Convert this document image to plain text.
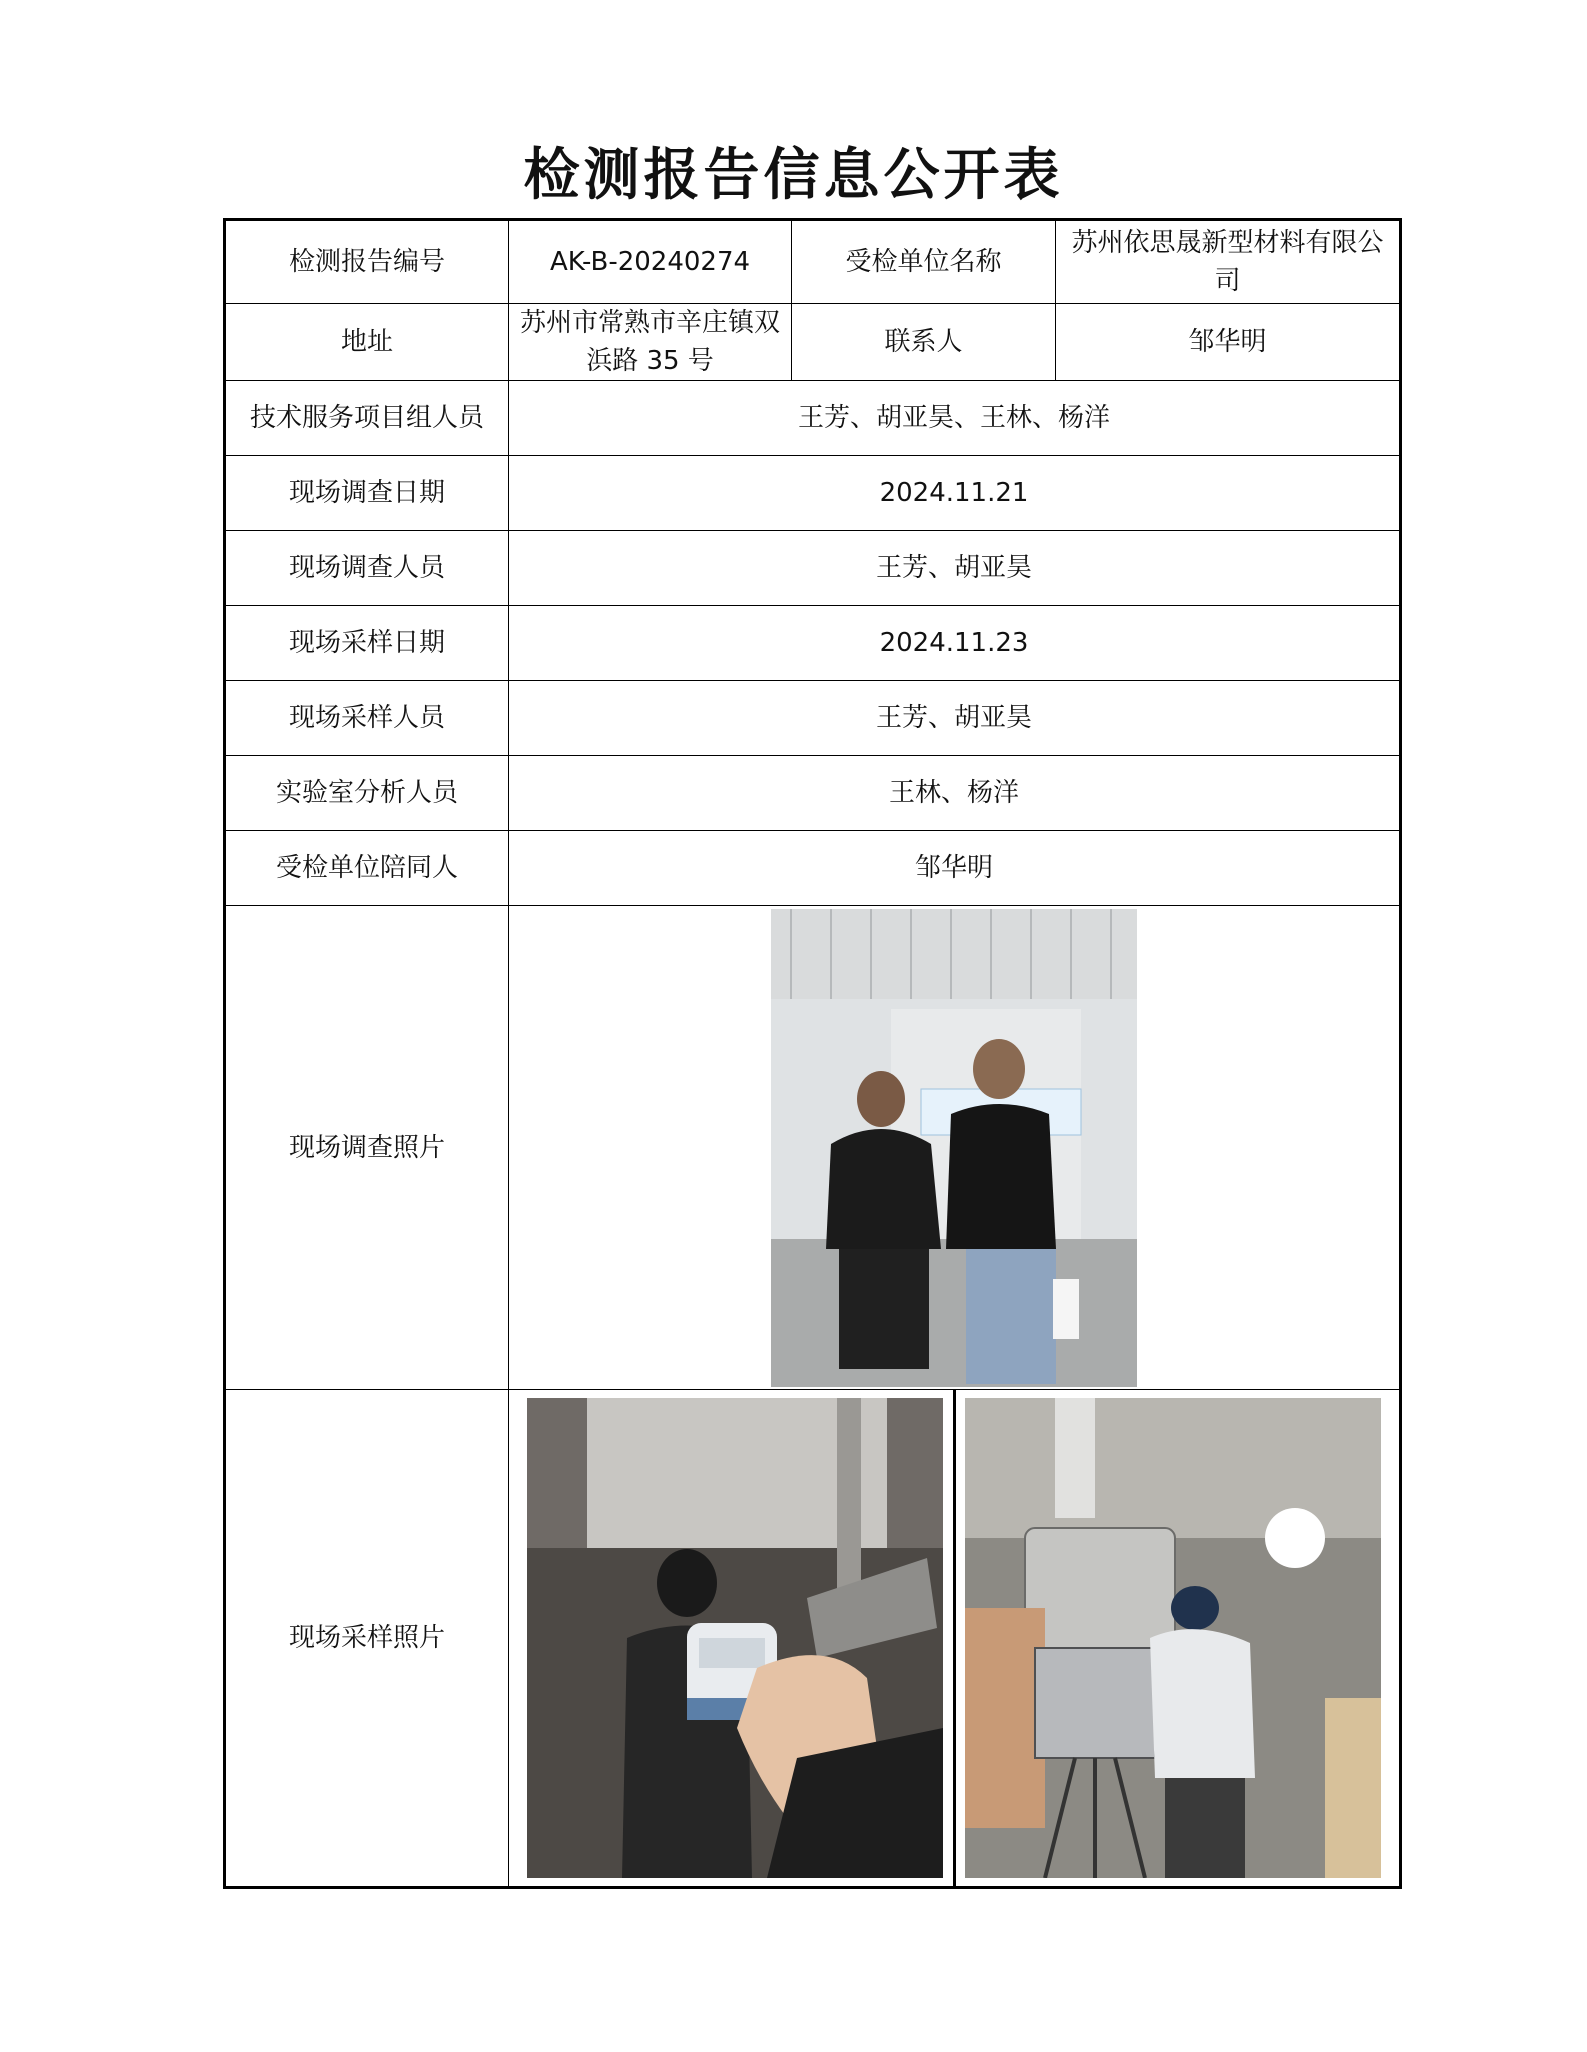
检测报告信息公开表
检测报告编号	AK-B-20240274	受检单位名称	苏州依思晟新型材料有限公司
地址	苏州市常熟市辛庄镇双浜路 35 号	联系人	邹华明
技术服务项目组人员	王芳、胡亚昊、王林、杨洋		
现场调查日期	2024.11.21		
现场调查人员	王芳、胡亚昊		
现场采样日期	2024.11.23		
现场采样人员	王芳、胡亚昊		
实验室分析人员	王林、杨洋		
受检单位陪同人	邹华明		
现场调查照片	

现场采样照片	
